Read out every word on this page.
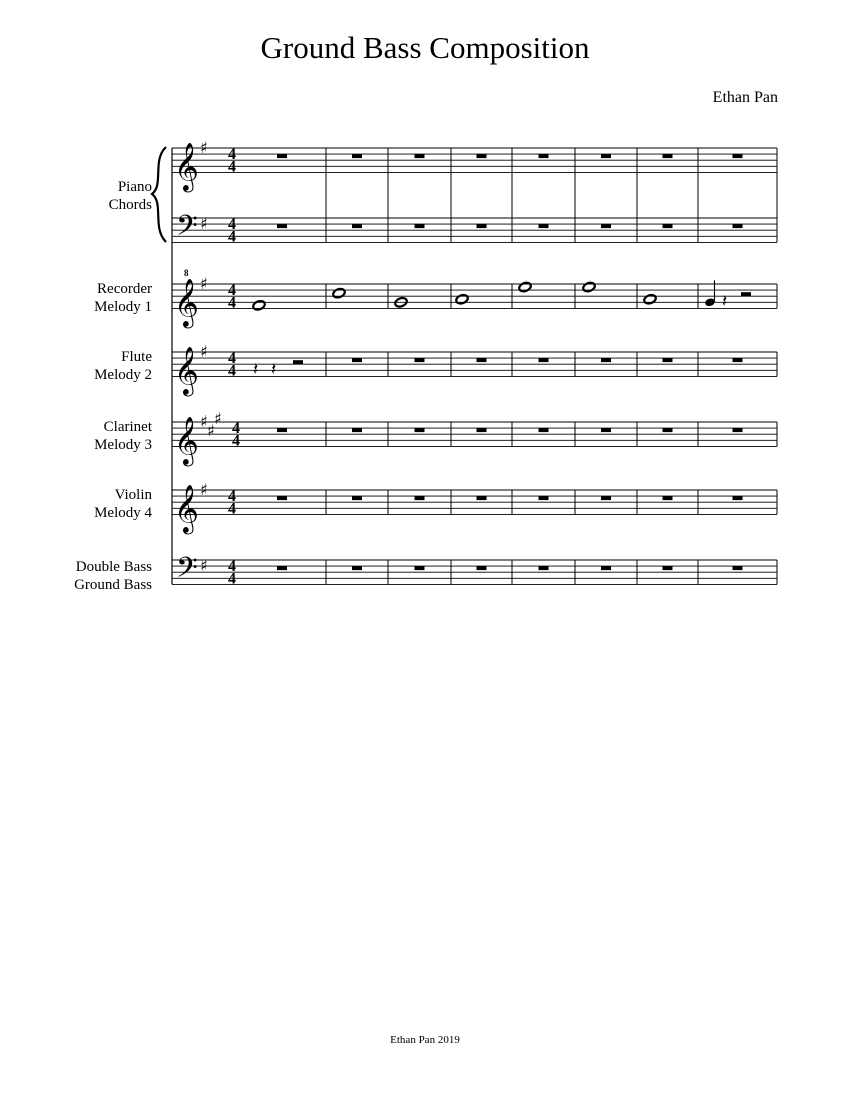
Ground Bass Composition
Ethan Pan
Piano
Chords
Recorder
Melody 1
Flute
Melody 2
Clarinet
Melody 3
Violin
Melody 4
Double Bass
Ground Bass
𝄞 ♯ 4
4
𝄢 ♯ 4
4
𝄞
8
♯ 4
4	𝄽
𝄞 ♯ 4
4 𝄽 𝄽
𝄞 ♯ ♯
♯
4
4
𝄞 ♯ 4
4
𝄢 ♯ 4
4
Ethan Pan 2019
